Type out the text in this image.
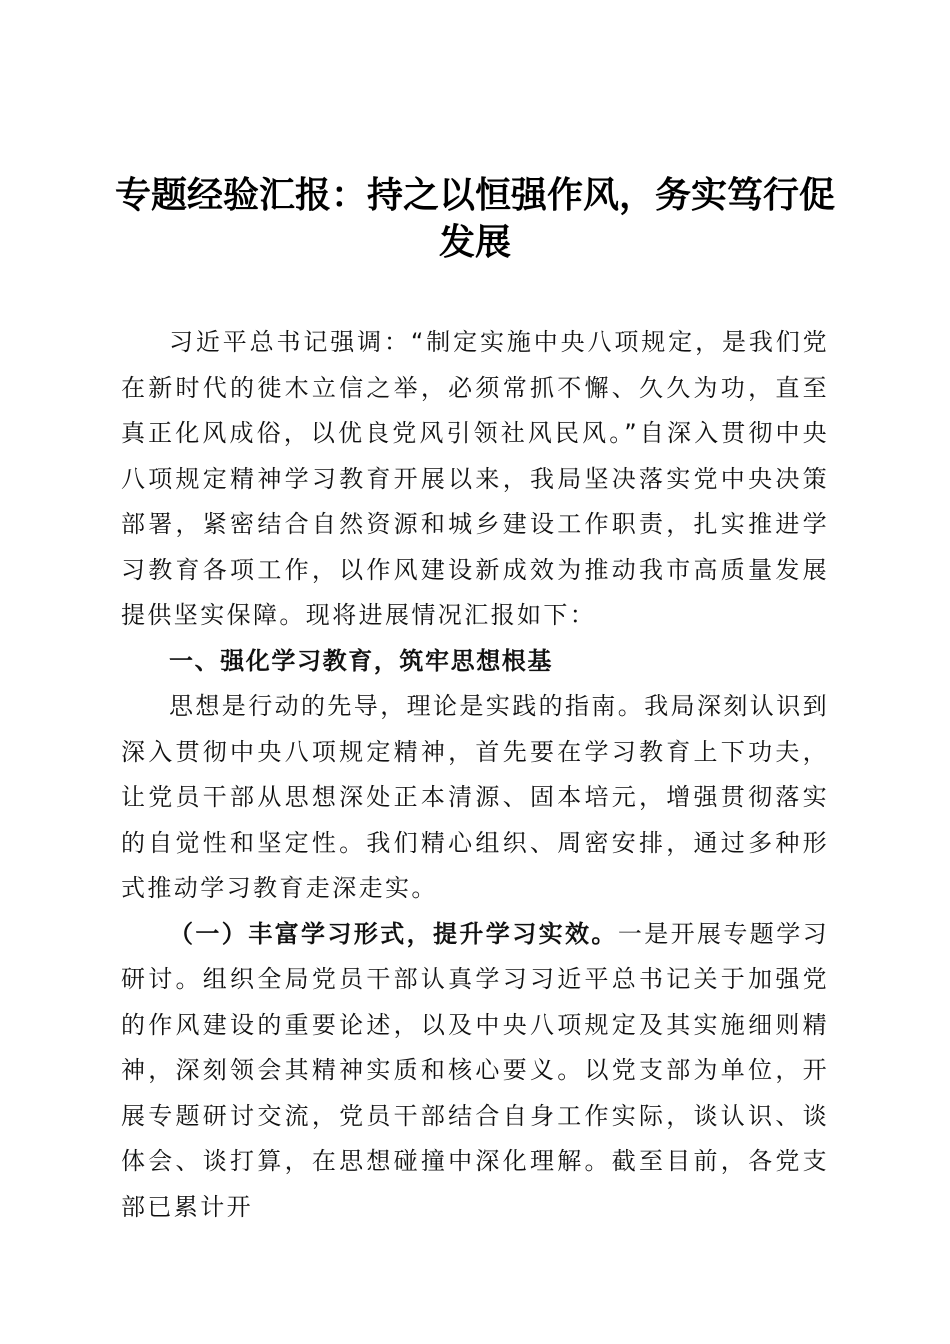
专题经验汇报：持之以恒强作风，务实笃行促发展

习近平总书记强调：“制定实施中央八项规定，是我们党在新时代的徙木立信之举，必须常抓不懈、久久为功，直至真正化风成俗，以优良党风引领社风民风。”自深入贯彻中央八项规定精神学习教育开展以来，我局坚决落实党中央决策部署，紧密结合自然资源和城乡建设工作职责，扎实推进学习教育各项工作，以作风建设新成效为推动我市高质量发展提供坚实保障。现将进展情况汇报如下：

一、强化学习教育，筑牢思想根基

思想是行动的先导，理论是实践的指南。我局深刻认识到深入贯彻中央八项规定精神，首先要在学习教育上下功夫，让党员干部从思想深处正本清源、固本培元，增强贯彻落实的自觉性和坚定性。我们精心组织、周密安排，通过多种形式推动学习教育走深走实。

（一）丰富学习形式，提升学习实效。一是开展专题学习研讨。组织全局党员干部认真学习习近平总书记关于加强党的作风建设的重要论述，以及中央八项规定及其实施细则精神，深刻领会其精神实质和核心要义。以党支部为单位，开展专题研讨交流，党员干部结合自身工作实际，谈认识、谈体会、谈打算，在思想碰撞中深化理解。截至目前，各党支部已累计开
